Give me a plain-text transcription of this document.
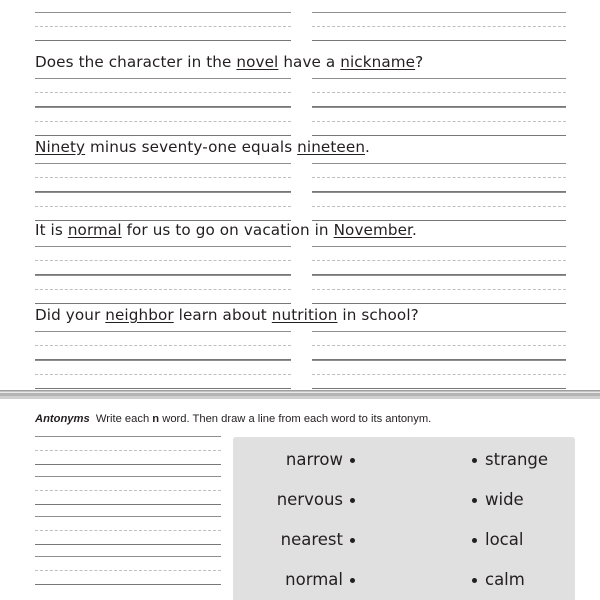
Does the character in the novel have a nickname?
Ninety minus seventy-one equals nineteen.
It is normal for us to go on vacation in November.
Did your neighbor learn about nutrition in school?
Antonyms Write each n word. Then draw a line from each word to its antonym.
narrow	strange
nervous	wide
nearest	local
normal	calm
